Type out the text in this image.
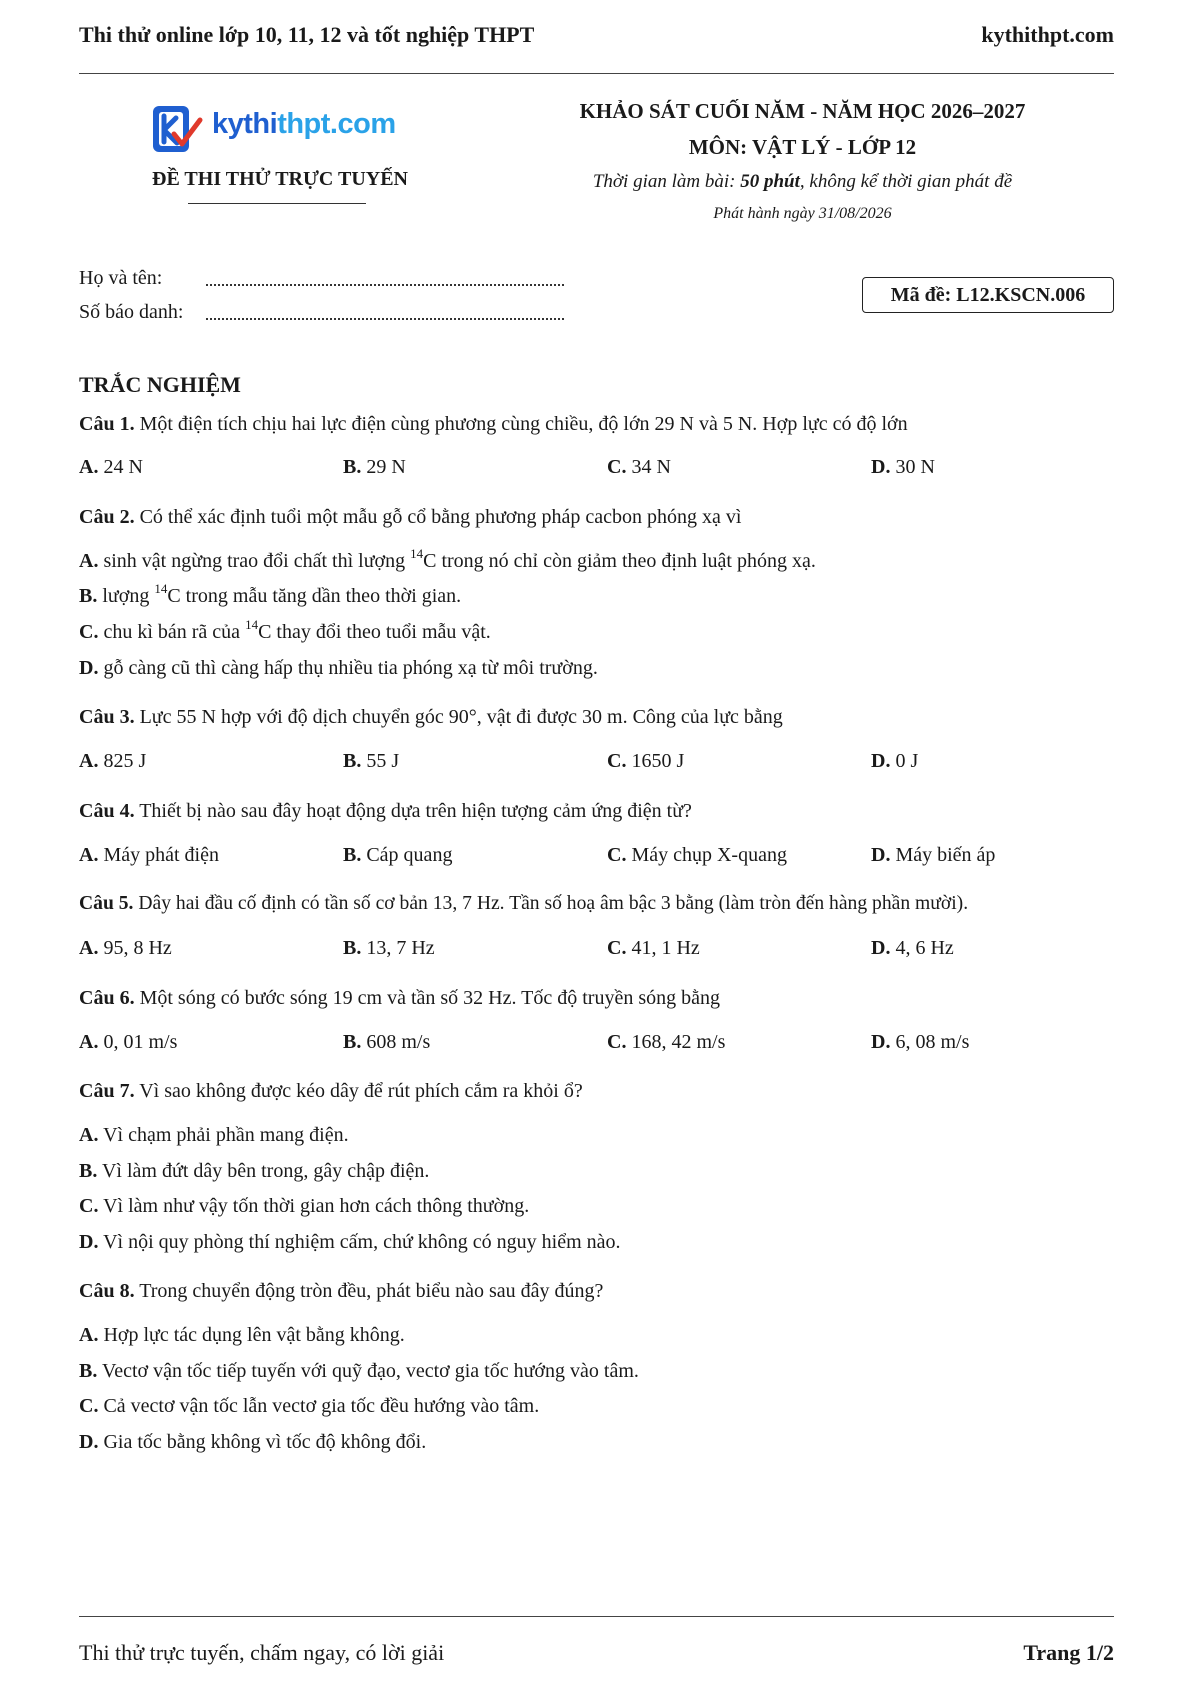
Thi thử online lớp 10, 11, 12 và tốt nghiệp THPT	kythithpt.com
kythithpt.com
ĐỀ THI THỬ TRỰC TUYẾN
KHẢO SÁT CUỐI NĂM - NĂM HỌC 2026–2027
MÔN: VẬT LÝ - LỚP 12
Thời gian làm bài: 50 phút, không kể thời gian phát đề
Phát hành ngày 31/08/2026
Họ và tên:
Số báo danh:
Mã đề: L12.KSCN.006
TRẮC NGHIỆM
Câu 1. Một điện tích chịu hai lực điện cùng phương cùng chiều, độ lớn 29 N và 5 N. Hợp lực có độ lớn
A. 24 N	B. 29 N	C. 34 N	D. 30 N
Câu 2. Có thể xác định tuổi một mẫu gỗ cổ bằng phương pháp cacbon phóng xạ vì
A. sinh vật ngừng trao đổi chất thì lượng $^{14}$C trong nó chỉ còn giảm theo định luật phóng xạ.
B. lượng $^{14}$C trong mẫu tăng dần theo thời gian.
C. chu kì bán rã của $^{14}$C thay đổi theo tuổi mẫu vật.
D. gỗ càng cũ thì càng hấp thụ nhiều tia phóng xạ từ môi trường.
Câu 3. Lực 55 N hợp với độ dịch chuyển góc 90°, vật đi được 30 m. Công của lực bằng
A. 825 J	B. 55 J	C. 1650 J	D. 0 J
Câu 4. Thiết bị nào sau đây hoạt động dựa trên hiện tượng cảm ứng điện từ?
A. Máy phát điện	B. Cáp quang	C. Máy chụp X-quang	D. Máy biến áp
Câu 5. Dây hai đầu cố định có tần số cơ bản 13, 7 Hz. Tần số hoạ âm bậc 3 bằng (làm tròn đến hàng phần mười).
A. 95, 8 Hz	B. 13, 7 Hz	C. 41, 1 Hz	D. 4, 6 Hz
Câu 6. Một sóng có bước sóng 19 cm và tần số 32 Hz. Tốc độ truyền sóng bằng
A. 0, 01 m/s	B. 608 m/s	C. 168, 42 m/s	D. 6, 08 m/s
Câu 7. Vì sao không được kéo dây để rút phích cắm ra khỏi ổ?
A. Vì chạm phải phần mang điện.
B. Vì làm đứt dây bên trong, gây chập điện.
C. Vì làm như vậy tốn thời gian hơn cách thông thường.
D. Vì nội quy phòng thí nghiệm cấm, chứ không có nguy hiểm nào.
Câu 8. Trong chuyển động tròn đều, phát biểu nào sau đây đúng?
A. Hợp lực tác dụng lên vật bằng không.
B. Vectơ vận tốc tiếp tuyến với quỹ đạo, vectơ gia tốc hướng vào tâm.
C. Cả vectơ vận tốc lẫn vectơ gia tốc đều hướng vào tâm.
D. Gia tốc bằng không vì tốc độ không đổi.
Thi thử trực tuyến, chấm ngay, có lời giải	Trang 1/2
